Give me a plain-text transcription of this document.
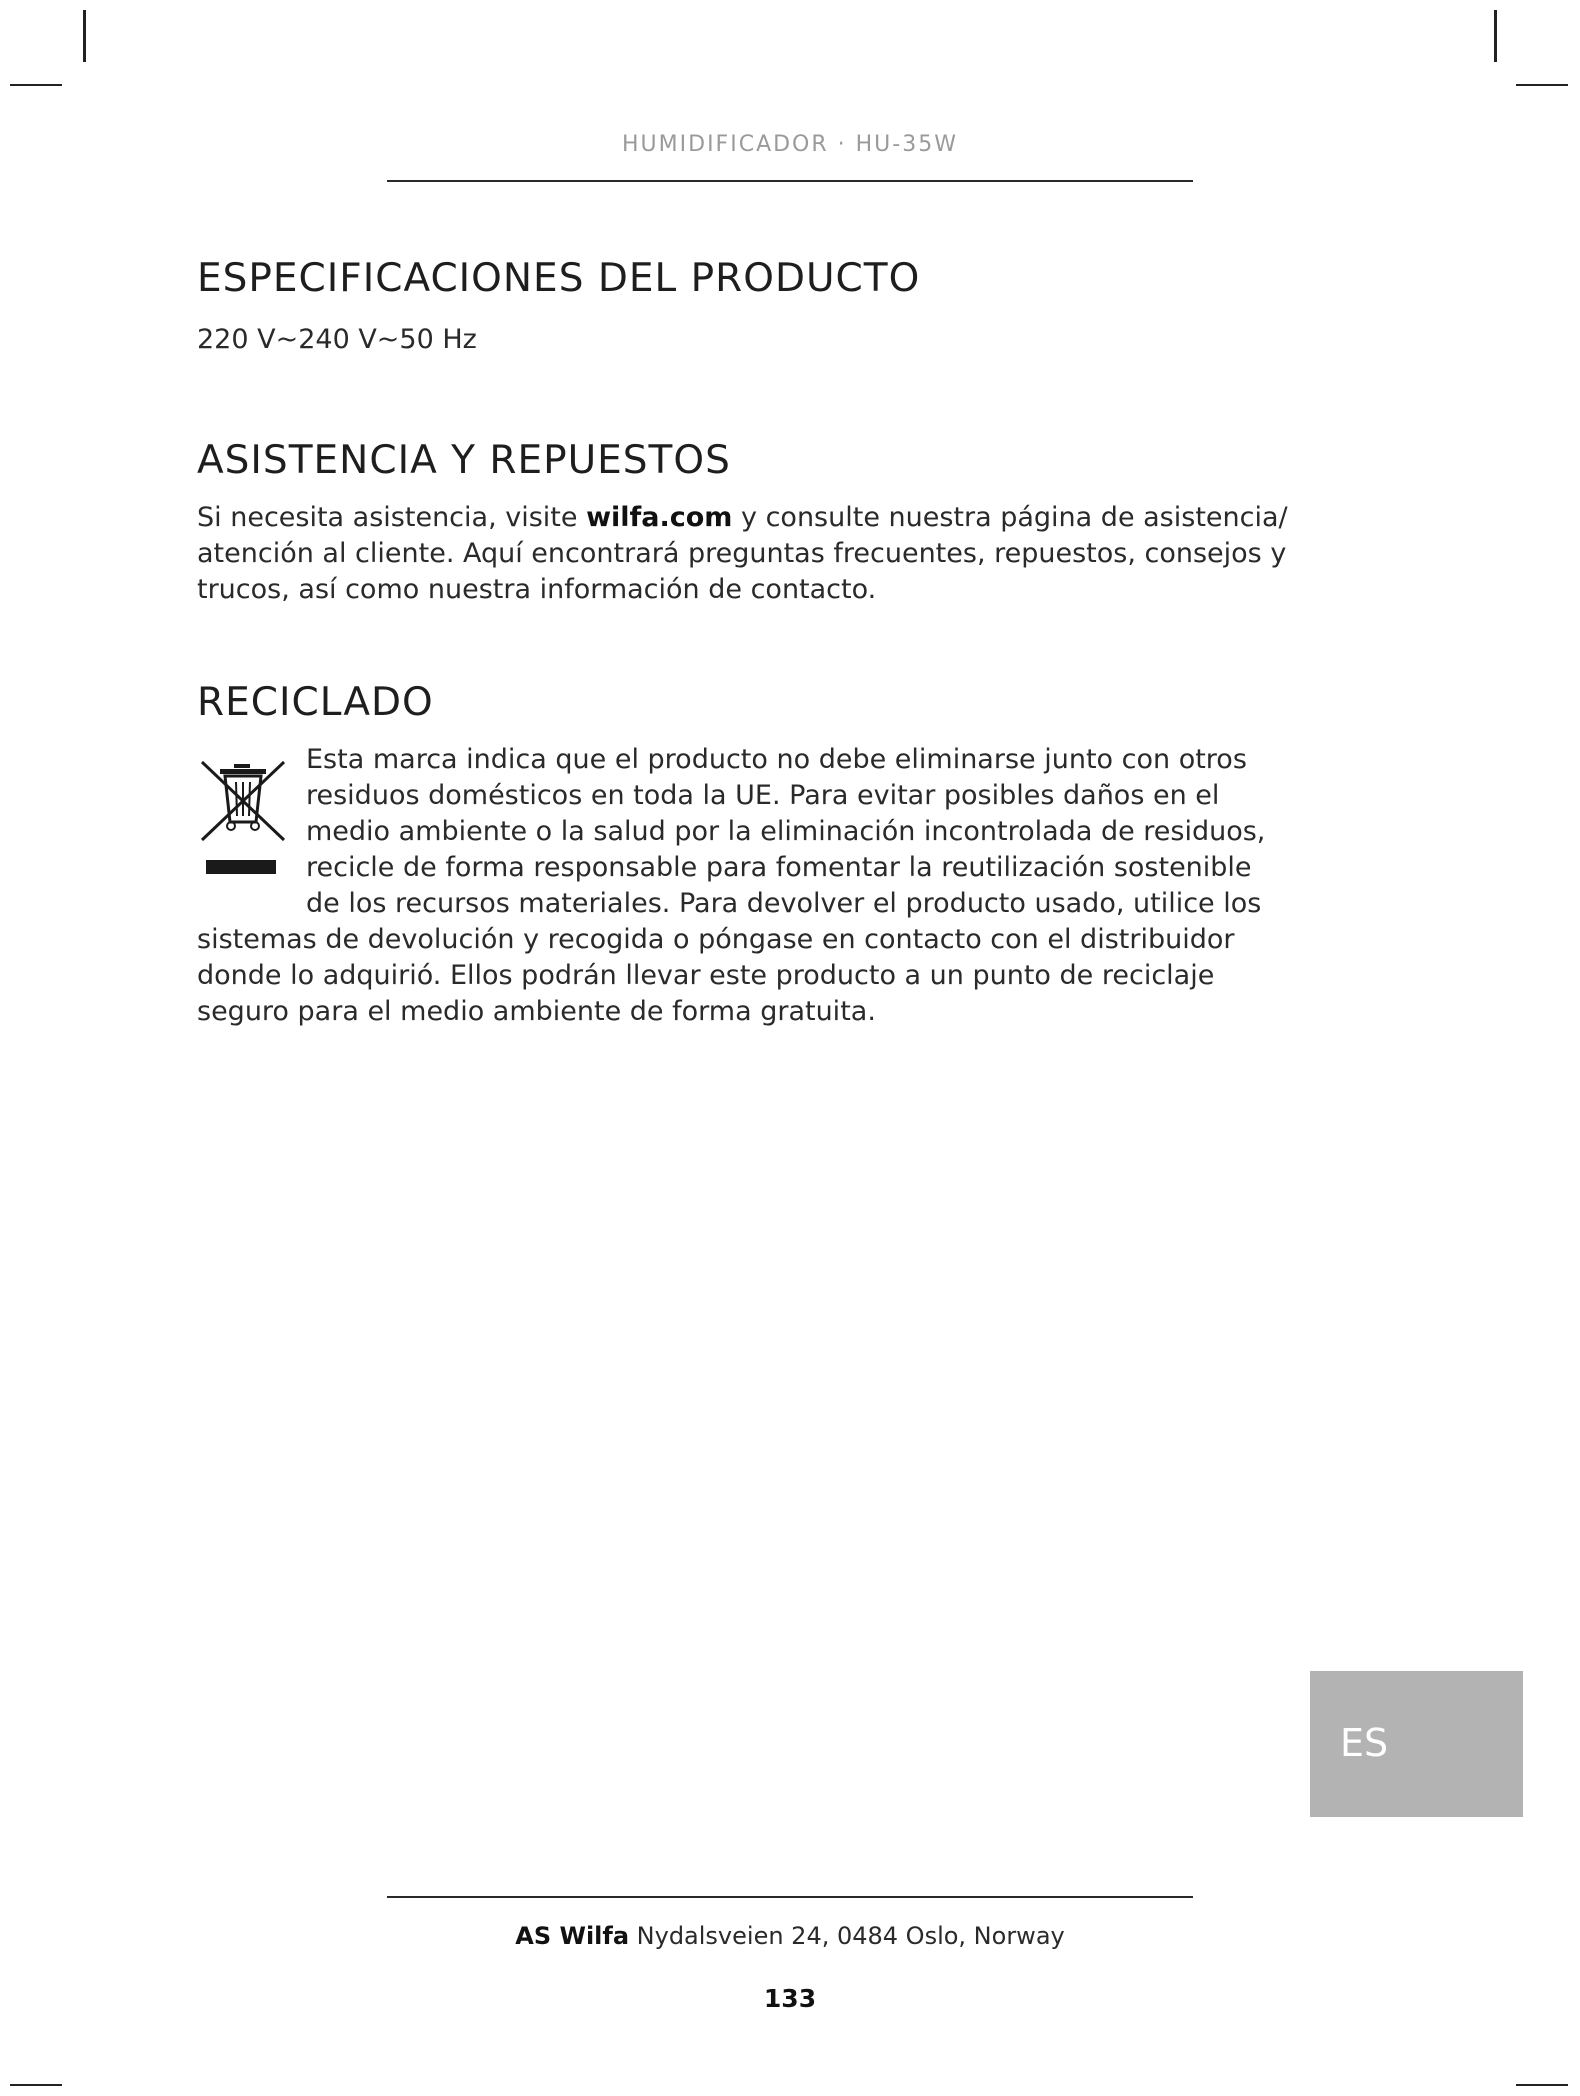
HUMIDIFICADOR · HU-35W
ESPECIFICACIONES DEL PRODUCTO

220 V~240 V~50 Hz

ASISTENCIA Y REPUESTOS
Si necesita asistencia, visite wilfa.com y consulte nuestra página de asistencia/
atención al cliente. Aquí encontrará preguntas frecuentes, repuestos, consejos y
trucos, así como nuestra información de contacto.
RECICLADO
Esta marca indica que el producto no debe eliminarse junto con otros
residuos domésticos en toda la UE. Para evitar posibles daños en el
medio ambiente o la salud por la eliminación incontrolada de residuos,
recicle de forma responsable para fomentar la reutilización sostenible
de los recursos materiales. Para devolver el producto usado, utilice los
sistemas de devolución y recogida o póngase en contacto con el distribuidor
donde lo adquirió. Ellos podrán llevar este producto a un punto de reciclaje
seguro para el medio ambiente de forma gratuita.
ES
AS Wilfa Nydalsveien 24, 0484 Oslo, Norway
133
